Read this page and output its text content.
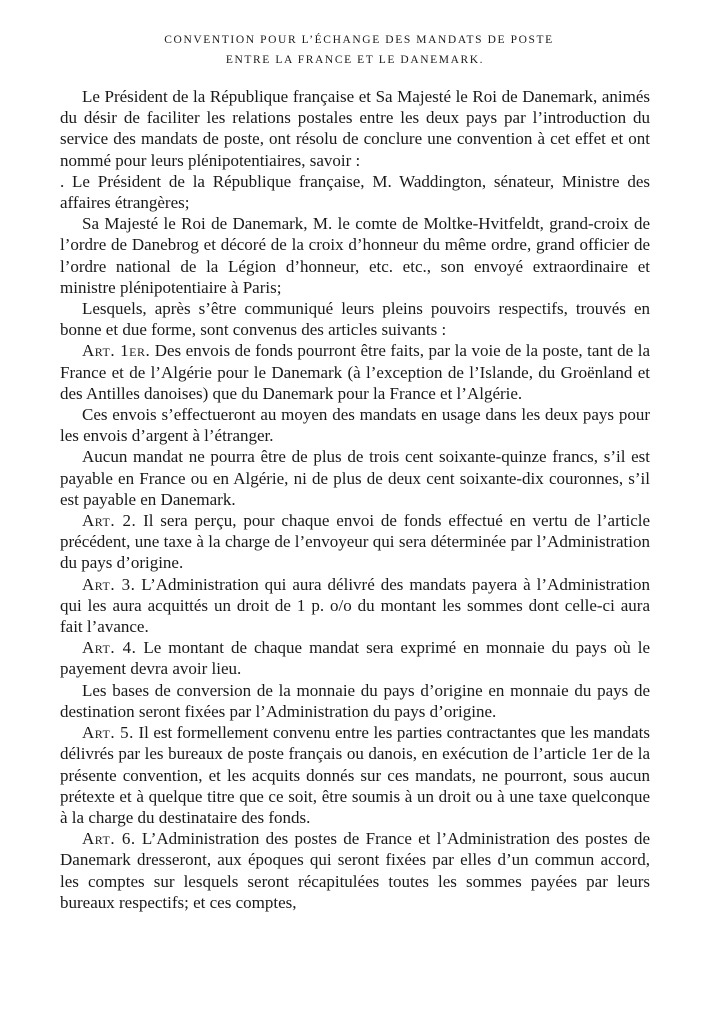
CONVENTION POUR L’ÉCHANGE DES MANDATS DE POSTE
ENTRE LA FRANCE ET LE DANEMARK.

Le Président de la République française et Sa Majesté le Roi de Danemark, animés du désir de faciliter les relations postales entre les deux pays par l’introduction du service des mandats de poste, ont résolu de conclure une convention à cet effet et ont nommé pour leurs plénipotentiaires, savoir :

. Le Président de la République française, M. Waddington, sénateur, Ministre des affaires étrangères;

Sa Majesté le Roi de Danemark, M. le comte de Moltke-Hvitfeldt, grand-croix de l’ordre de Danebrog et décoré de la croix d’honneur du même ordre, grand officier de l’ordre national de la Légion d’honneur, etc. etc., son envoyé extraordinaire et ministre plénipotentiaire à Paris;

Lesquels, après s’être communiqué leurs pleins pouvoirs respectifs, trouvés en bonne et due forme, sont convenus des articles suivants :

Art. 1er. Des envois de fonds pourront être faits, par la voie de la poste, tant de la France et de l’Algérie pour le Danemark (à l’exception de l’Islande, du Groënland et des Antilles danoises) que du Danemark pour la France et l’Algérie.

Ces envois s’effectueront au moyen des mandats en usage dans les deux pays pour les envois d’argent à l’étranger.

Aucun mandat ne pourra être de plus de trois cent soixante-quinze francs, s’il est payable en France ou en Algérie, ni de plus de deux cent soixante-dix couronnes, s’il est payable en Danemark.

Art. 2. Il sera perçu, pour chaque envoi de fonds effectué en vertu de l’article précédent, une taxe à la charge de l’envoyeur qui sera déterminée par l’Administration du pays d’origine.

Art. 3. L’Administration qui aura délivré des mandats payera à l’Administration qui les aura acquittés un droit de 1 p. o/o du montant les sommes dont celle-ci aura fait l’avance.

Art. 4. Le montant de chaque mandat sera exprimé en monnaie du pays où le payement devra avoir lieu.

Les bases de conversion de la monnaie du pays d’origine en monnaie du pays de destination seront fixées par l’Administration du pays d’origine.

Art. 5. Il est formellement convenu entre les parties contractantes que les mandats délivrés par les bureaux de poste français ou danois, en exécution de l’article 1er de la présente convention, et les acquits donnés sur ces mandats, ne pourront, sous aucun prétexte et à quelque titre que ce soit, être soumis à un droit ou à une taxe quelconque à la charge du destinataire des fonds.

Art. 6. L’Administration des postes de France et l’Administration des postes de Danemark dresseront, aux époques qui seront fixées par elles d’un commun accord, les comptes sur lesquels seront récapitulées toutes les sommes payées par leurs bureaux respectifs; et ces comptes,
